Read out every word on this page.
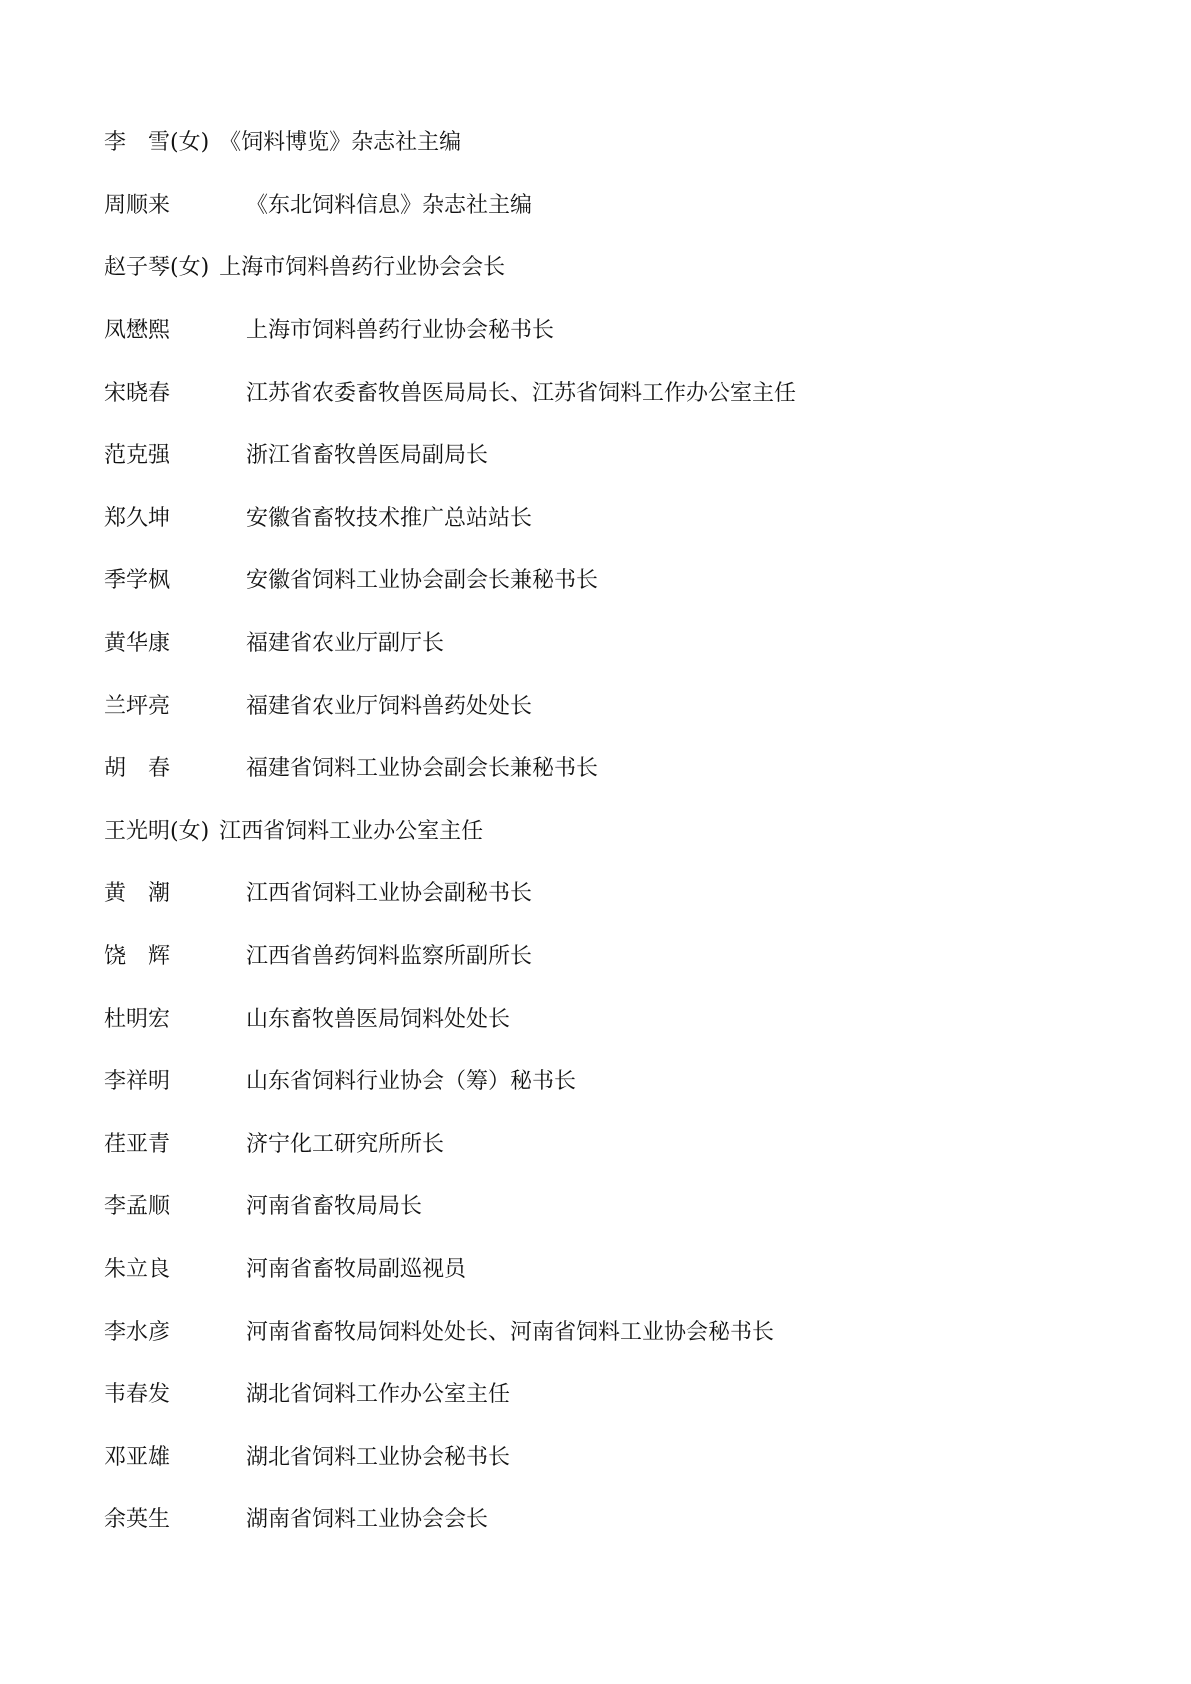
李　雪(女) 《饲料博览》杂志社主编
周顺来	《东北饲料信息》杂志社主编
赵子琴(女) 上海市饲料兽药行业协会会长
凤懋熙	上海市饲料兽药行业协会秘书长
宋晓春	江苏省农委畜牧兽医局局长、江苏省饲料工作办公室主任
范克强	浙江省畜牧兽医局副局长
郑久坤	安徽省畜牧技术推广总站站长
季学枫	安徽省饲料工业协会副会长兼秘书长
黄华康	福建省农业厅副厅长
兰坪亮	福建省农业厅饲料兽药处处长
胡　春	福建省饲料工业协会副会长兼秘书长
王光明(女) 江西省饲料工业办公室主任
黄　潮	江西省饲料工业协会副秘书长
饶　辉	江西省兽药饲料监察所副所长
杜明宏	山东畜牧兽医局饲料处处长
李祥明	山东省饲料行业协会（筹）秘书长
荏亚青	济宁化工研究所所长
李孟顺	河南省畜牧局局长
朱立良	河南省畜牧局副巡视员
李水彦	河南省畜牧局饲料处处长、河南省饲料工业协会秘书长
韦春发	湖北省饲料工作办公室主任
邓亚雄	湖北省饲料工业协会秘书长
余英生	湖南省饲料工业协会会长
